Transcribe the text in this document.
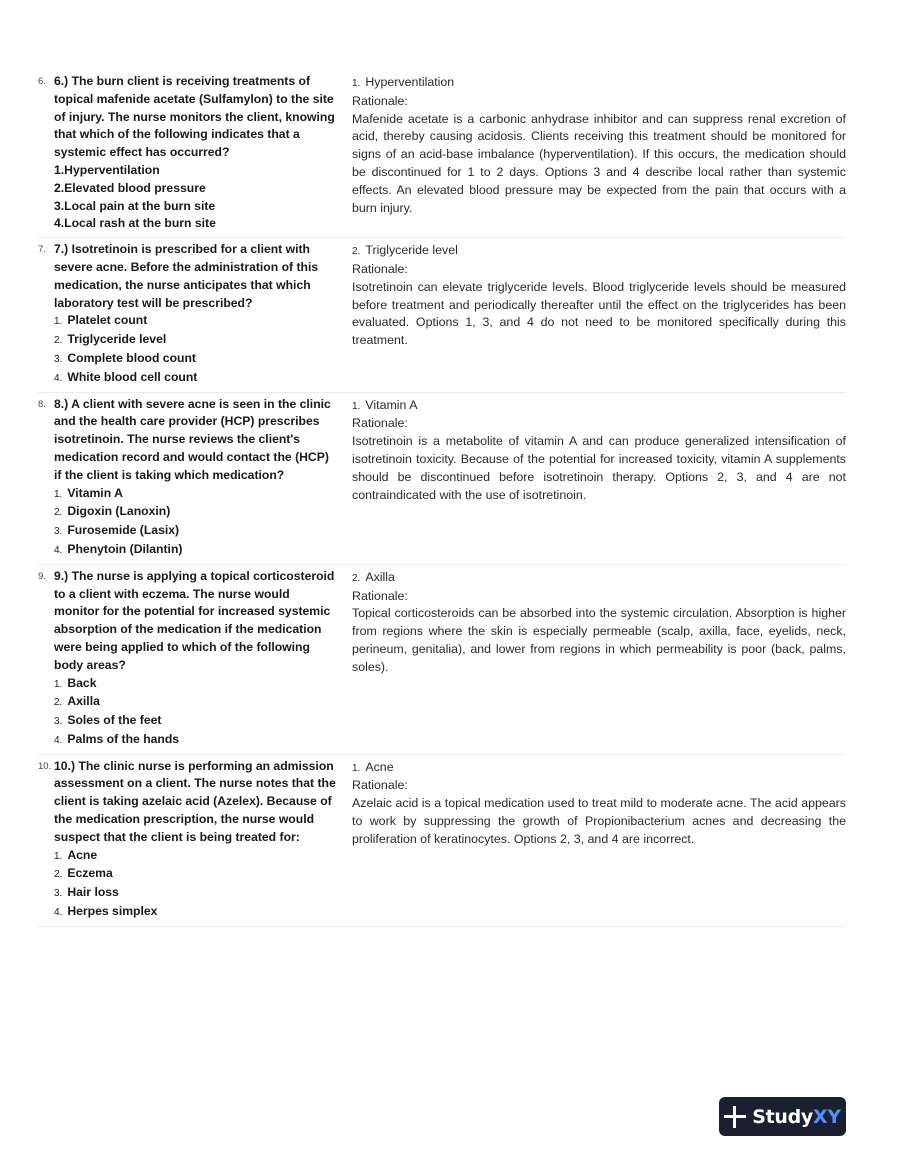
6. 6.) The burn client is receiving treatments of topical mafenide acetate (Sulfamylon) to the site of injury. The nurse monitors the client, knowing that which of the following indicates that a systemic effect has occurred?
1. Hyperventilation
2. Elevated blood pressure
3. Local pain at the burn site
4. Local rash at the burn site
1. Hyperventilation
Rationale:
Mafenide acetate is a carbonic anhydrase inhibitor and can suppress renal excretion of acid, thereby causing acidosis. Clients receiving this treatment should be monitored for signs of an acid-base imbalance (hyperventilation). If this occurs, the medication should be discontinued for 1 to 2 days. Options 3 and 4 describe local rather than systemic effects. An elevated blood pressure may be expected from the pain that occurs with a burn injury.
7. 7.) Isotretinoin is prescribed for a client with severe acne. Before the administration of this medication, the nurse anticipates that which laboratory test will be prescribed?
1. Platelet count
2. Triglyceride level
3. Complete blood count
4. White blood cell count
2. Triglyceride level
Rationale:
Isotretinoin can elevate triglyceride levels. Blood triglyceride levels should be measured before treatment and periodically thereafter until the effect on the triglycerides has been evaluated. Options 1, 3, and 4 do not need to be monitored specifically during this treatment.
8. 8.) A client with severe acne is seen in the clinic and the health care provider (HCP) prescribes isotretinoin. The nurse reviews the client's medication record and would contact the (HCP) if the client is taking which medication?
1. Vitamin A
2. Digoxin (Lanoxin)
3. Furosemide (Lasix)
4. Phenytoin (Dilantin)
1. Vitamin A
Rationale:
Isotretinoin is a metabolite of vitamin A and can produce generalized intensification of isotretinoin toxicity. Because of the potential for increased toxicity, vitamin A supplements should be discontinued before isotretinoin therapy. Options 2, 3, and 4 are not contraindicated with the use of isotretinoin.
9. 9.) The nurse is applying a topical corticosteroid to a client with eczema. The nurse would monitor for the potential for increased systemic absorption of the medication if the medication were being applied to which of the following body areas?
1. Back
2. Axilla
3. Soles of the feet
4. Palms of the hands
2. Axilla
Rationale:
Topical corticosteroids can be absorbed into the systemic circulation. Absorption is higher from regions where the skin is especially permeable (scalp, axilla, face, eyelids, neck, perineum, genitalia), and lower from regions in which permeability is poor (back, palms, soles).
10. 10.) The clinic nurse is performing an admission assessment on a client. The nurse notes that the client is taking azelaic acid (Azelex). Because of the medication prescription, the nurse would suspect that the client is being treated for:
1. Acne
2. Eczema
3. Hair loss
4. Herpes simplex
1. Acne
Rationale:
Azelaic acid is a topical medication used to treat mild to moderate acne. The acid appears to work by suppressing the growth of Propionibacterium acnes and decreasing the proliferation of keratinocytes. Options 2, 3, and 4 are incorrect.
StudyXY
